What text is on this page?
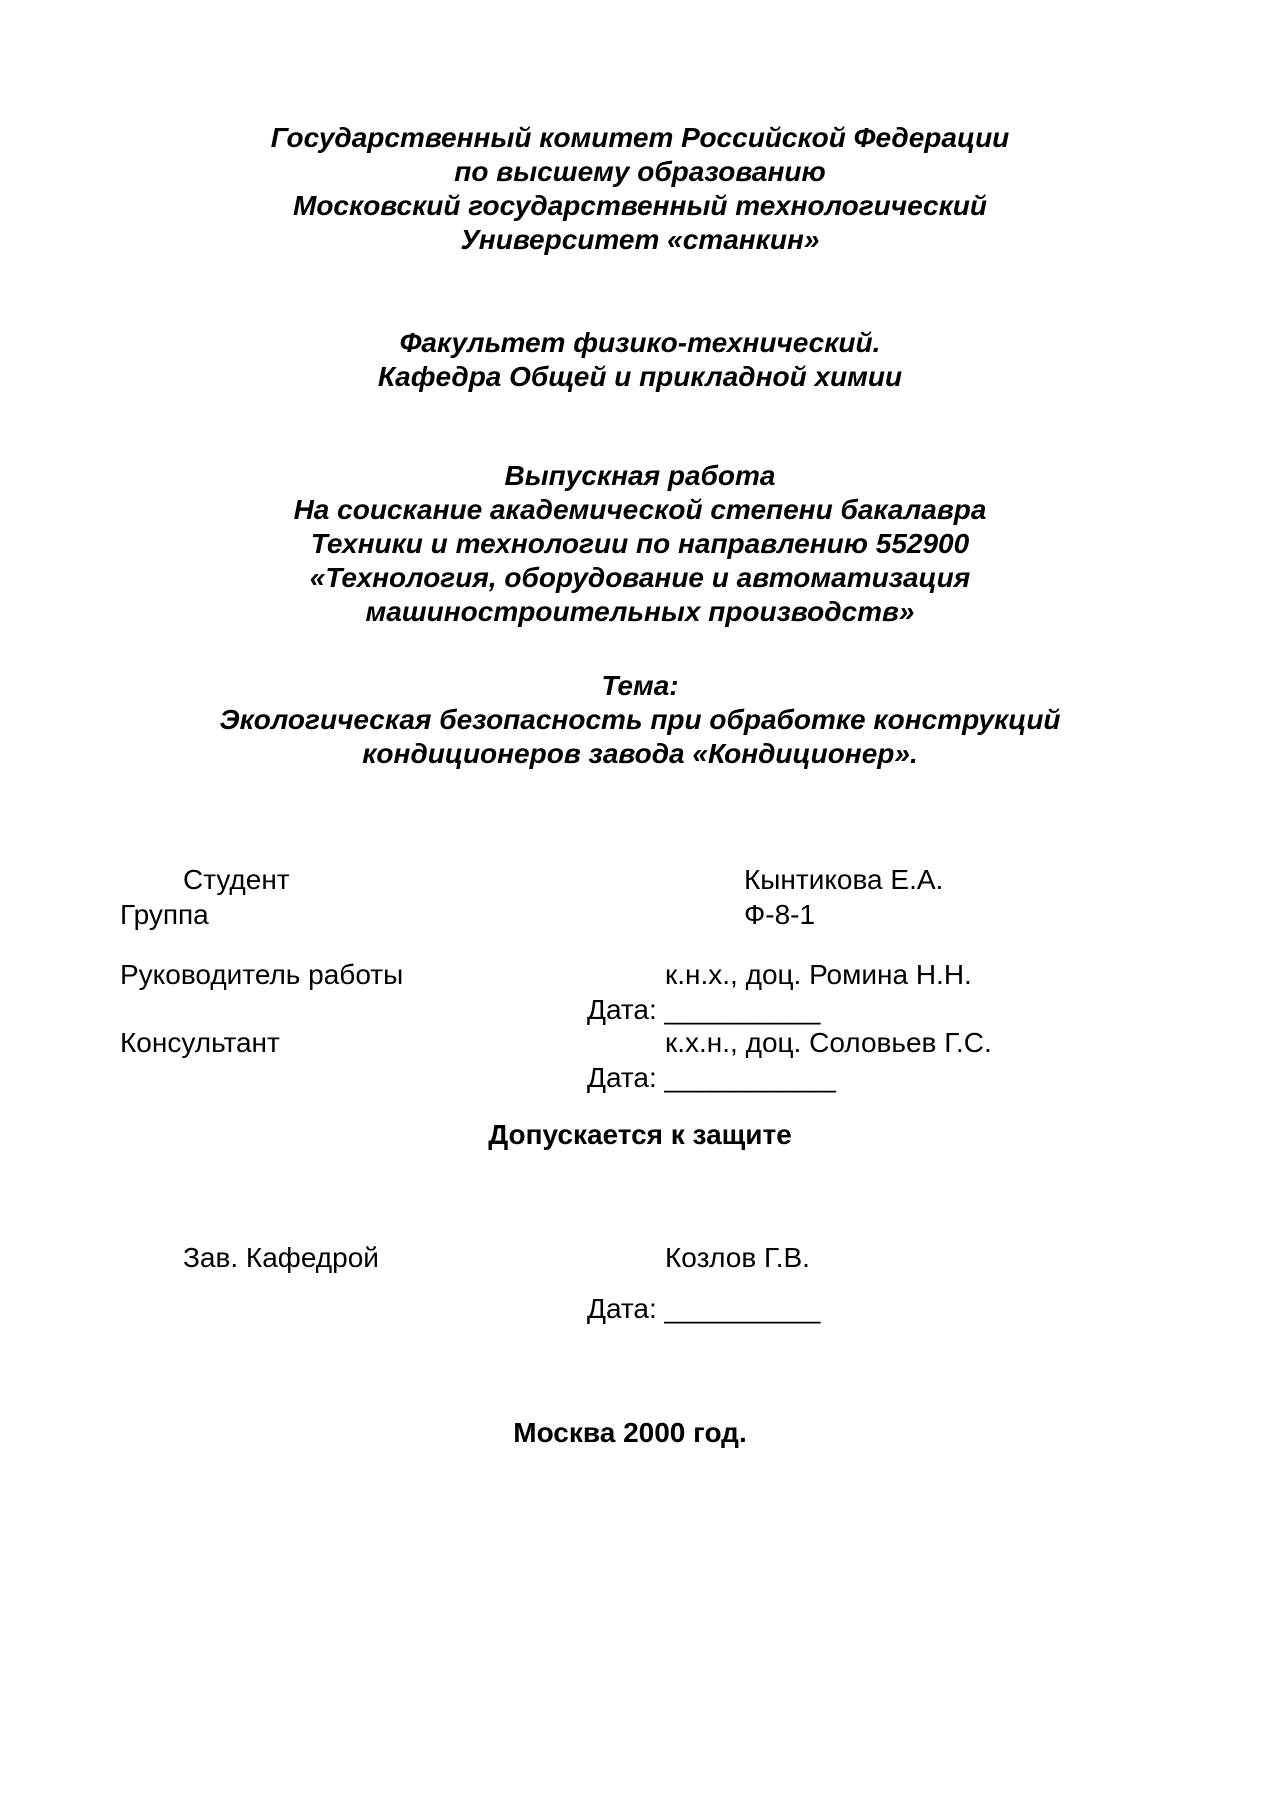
Государственный комитет Российской Федерации
по высшему образованию
Московский государственный технологический
Университет «станкин»
Факультет физико-технический.
Кафедра Общей и прикладной химии
Выпускная работа
На соискание академической степени бакалавра
Техники и технологии по направлению 552900
«Технология, оборудование и автоматизация
машиностроительных производств»
Тема:
Экологическая безопасность при обработке конструкций
кондиционеров завода «Кондиционер».
Студент	Кынтикова Е.А.
Группа	Ф-8-1
Руководитель работы	к.н.х., доц. Ромина Н.Н.
Дата: __________
Консультант	к.х.н., доц. Соловьев Г.С.
Дата: ___________
Допускается к защите
Зав. Кафедрой	Козлов Г.В.
Дата: __________
Москва 2000 год.
